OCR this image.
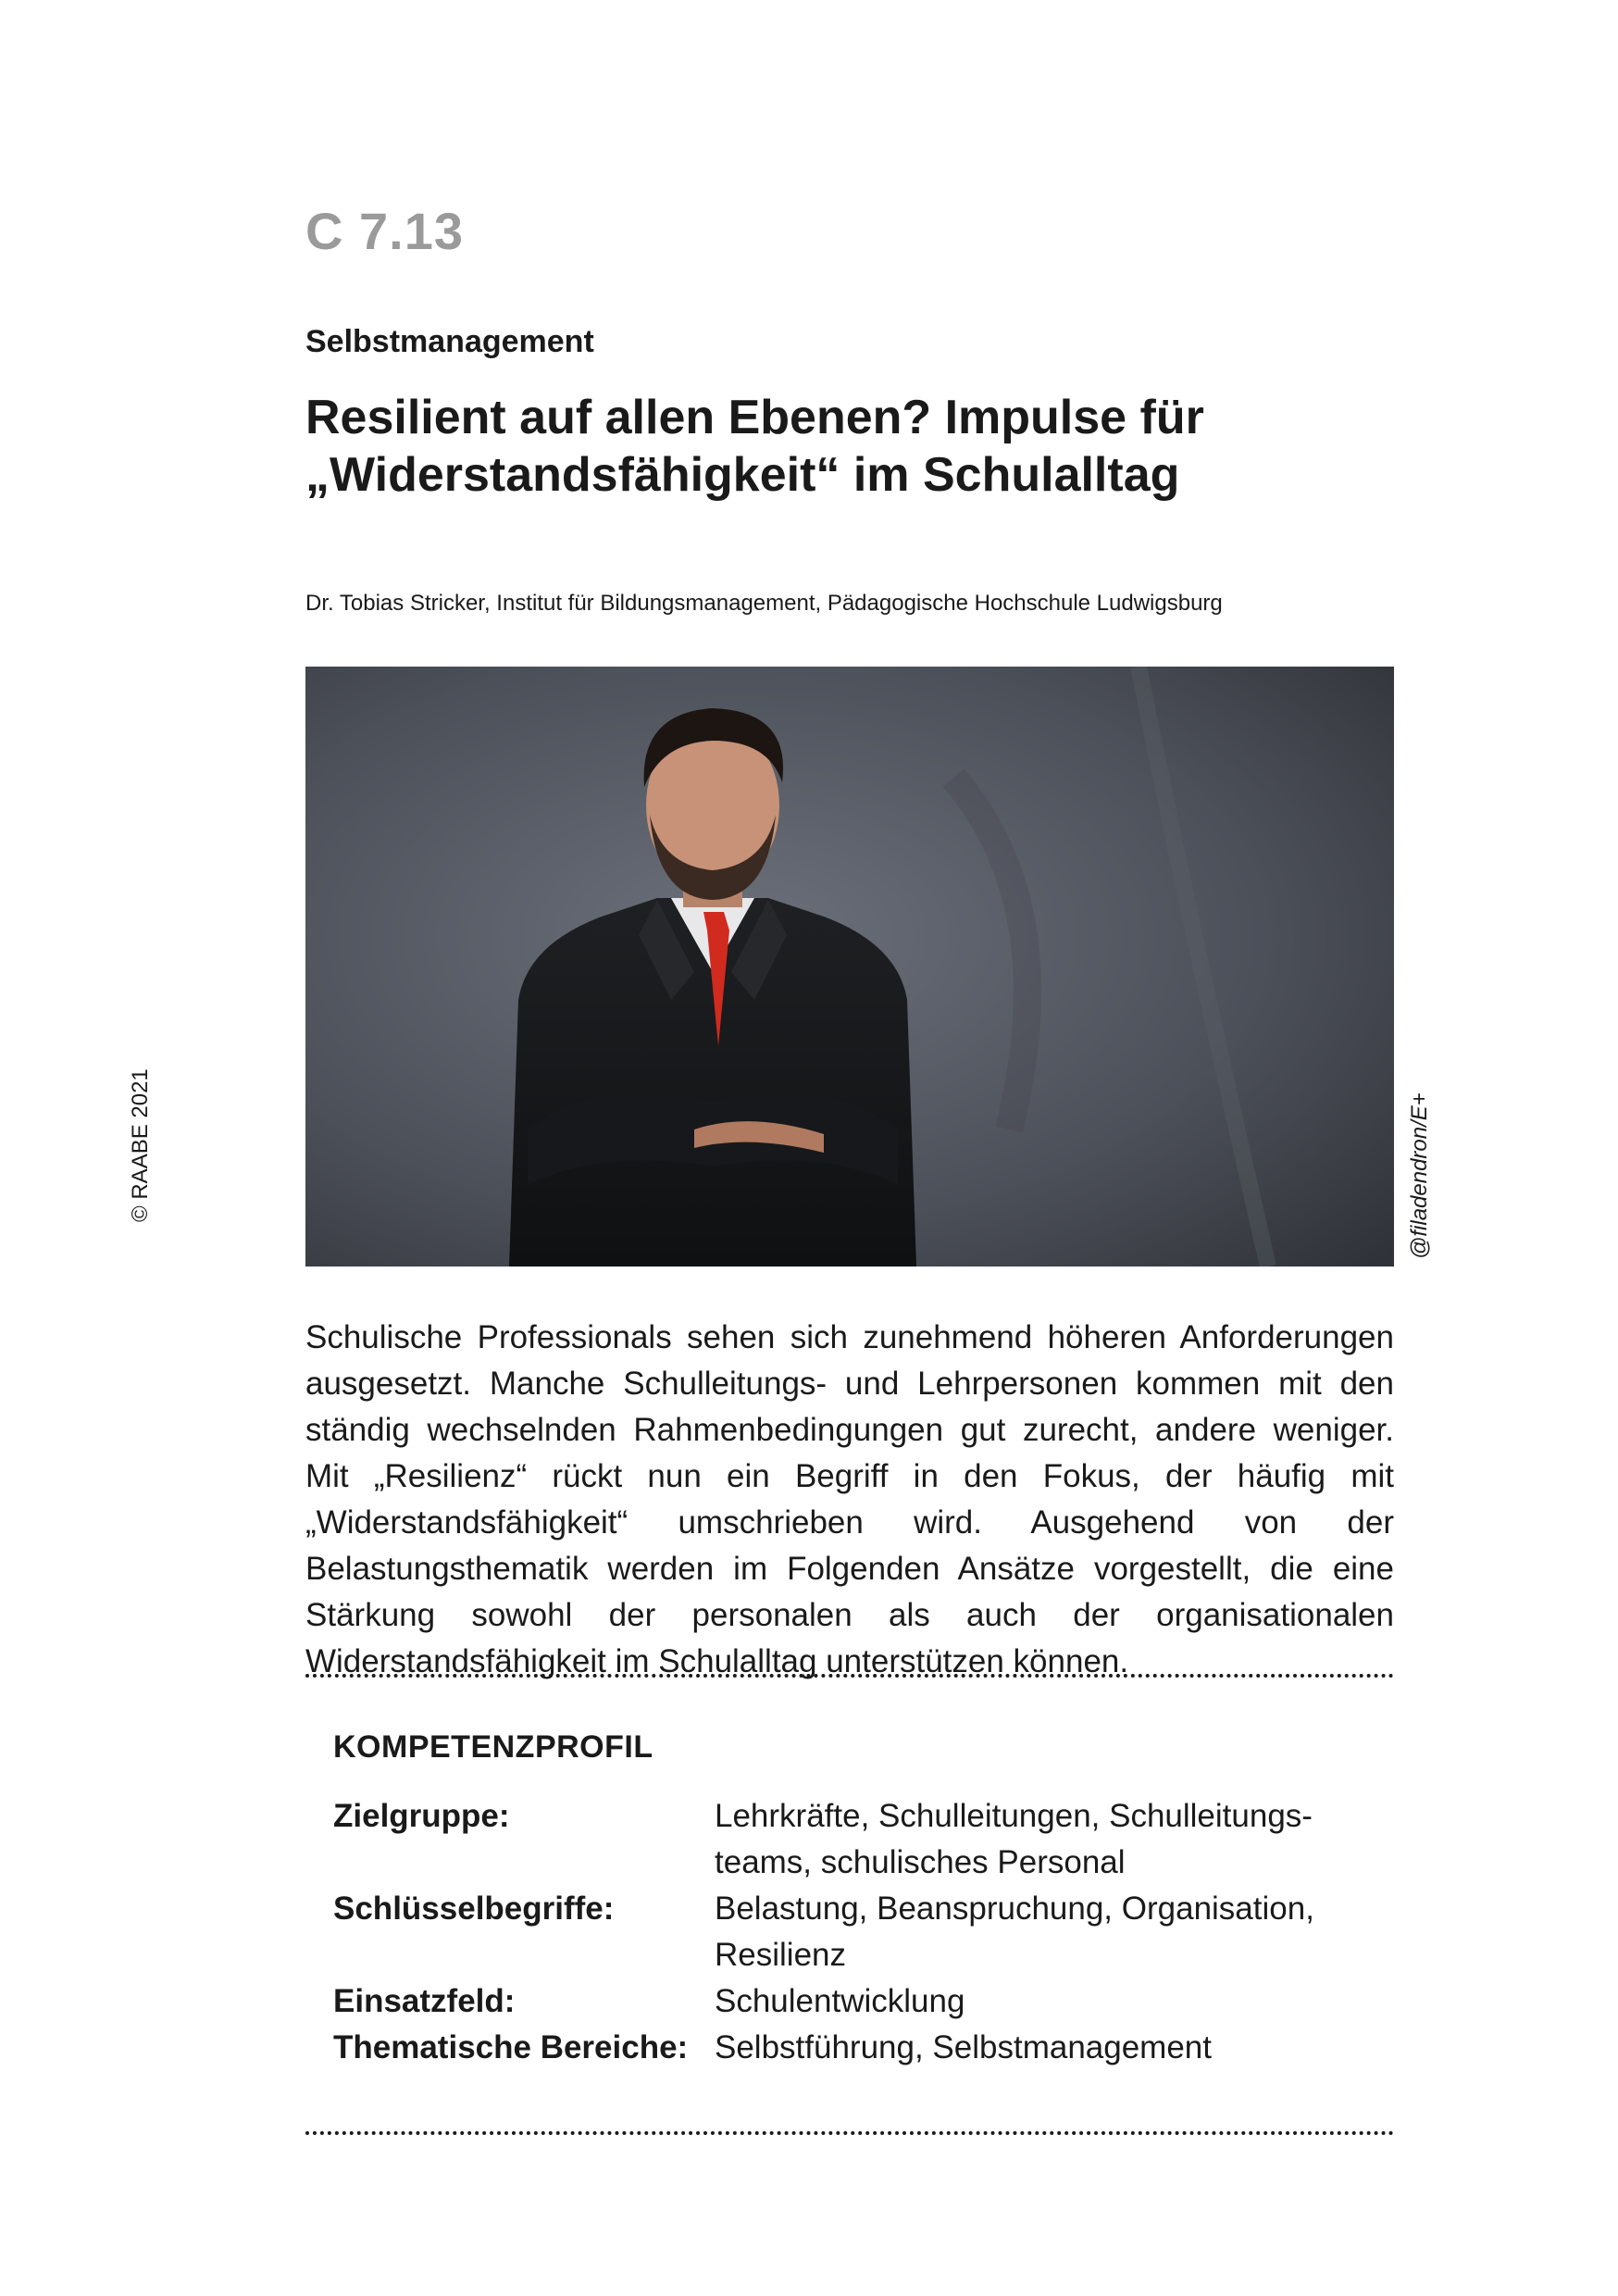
C 7.13
Selbstmanagement
Resilient auf allen Ebenen? Impulse für
„Widerstandsfähigkeit“ im Schulalltag
Dr. Tobias Stricker, Institut für Bildungsmanagement, Pädagogische Hochschule Ludwigsburg
© RAABE 2021	@filadendron/E+
Schulische Professionals sehen sich zunehmend höheren Anforderungen ausgesetzt. Manche Schulleitungs- und Lehrpersonen kommen mit den ständig wechselnden Rahmenbedingungen gut zurecht, andere weniger. Mit „Resilienz“ rückt nun ein Begriff in den Fokus, der häufig mit „Widerstandsfähigkeit“ umschrieben wird. Ausgehend von der Belastungsthematik werden im Folgenden Ansätze vorgestellt, die eine Stärkung sowohl der personalen als auch der organisationalen Widerstandsfähigkeit im Schulalltag unterstützen können.
KOMPETENZPROFIL
Zielgruppe:	Lehrkräfte, Schulleitungen, Schulleitungsteams, schulisches Personal
Schlüsselbegriffe:	Belastung, Beanspruchung, Organisation, Resilienz
Einsatzfeld:	Schulentwicklung
Thematische Bereiche: Selbstführung, Selbstmanagement
